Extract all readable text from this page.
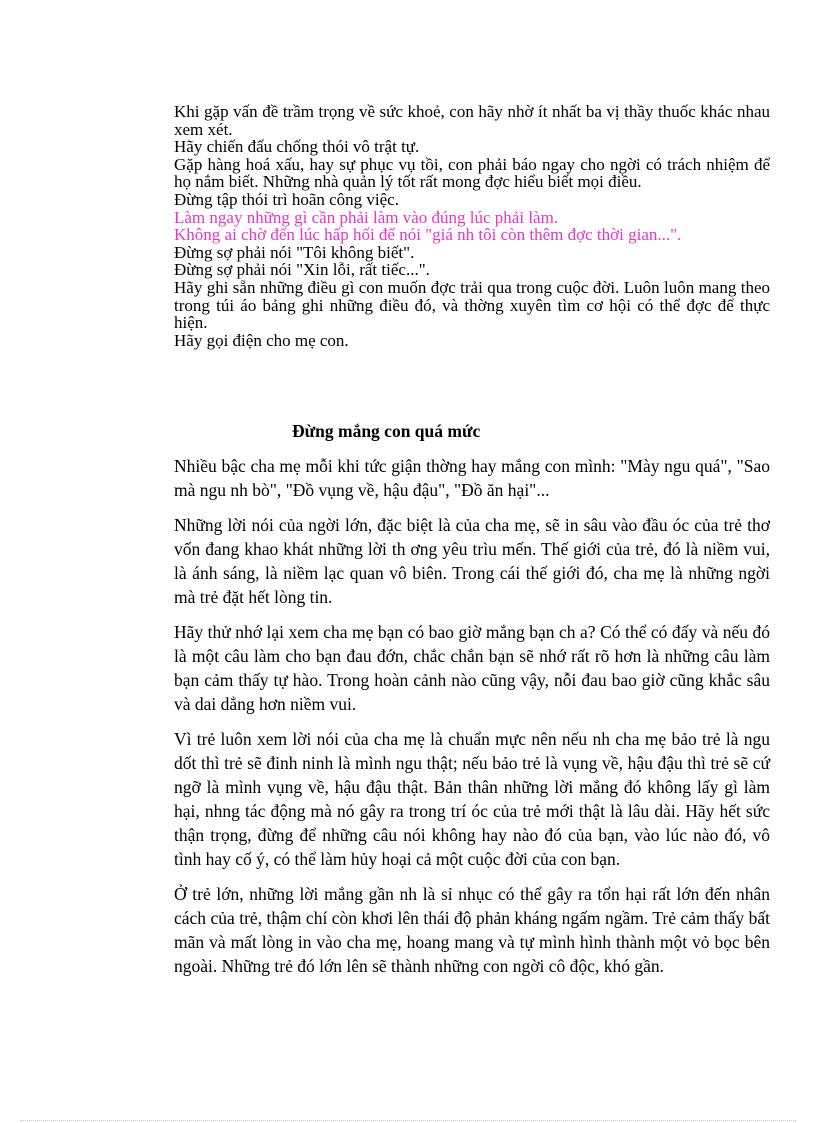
Khi gặp vấn đề trầm trọng về sức khoẻ, con hãy nhờ ít nhất ba vị thầy thuốc khác nhau xem xét.

Hãy chiến đấu chống thói vô trật tự.

Gặp hàng hoá xấu, hay sự phục vụ tồi, con phải báo ngay cho ngời có trách nhiệm để họ nắm biết. Những nhà quản lý tốt rất mong đợc hiểu biết mọi điều.

Đừng tập thói trì hoãn công việc.

Làm ngay những gì cần phải làm vào đúng lúc phải làm.

Không ai chờ đến lúc hấp hối để nói "giá nh tôi còn thêm đợc thời gian...".

Đừng sợ phải nói "Tôi không biết".

Đừng sợ phải nói "Xin lỗi, rất tiếc...".

Hãy ghi sẵn những điều gì con muốn đợc trải qua trong cuộc đời. Luôn luôn mang theo trong túi áo bảng ghi những điều đó, và thờng xuyên tìm cơ hội có thể đợc để thực hiện.

Hãy gọi điện cho mẹ con.

Đừng mắng con quá mức

Nhiều bậc cha mẹ mỗi khi tức giận thờng hay mắng con mình: "Mày ngu quá", "Sao mà ngu nh bò", "Đồ vụng về, hậu đậu", "Đồ ăn hại"...

Những lời nói của ngời lớn, đặc biệt là của cha mẹ, sẽ in sâu vào đầu óc của trẻ thơ vốn đang khao khát những lời th ơng yêu trìu mến. Thế giới của trẻ, đó là niềm vui, là ánh sáng, là niềm lạc quan vô biên. Trong cái thế giới đó, cha mẹ là những ngời mà trẻ đặt hết lòng tin.

Hãy thử nhớ lại xem cha mẹ bạn có bao giờ mắng bạn ch a? Có thể có đấy và nếu đó là một câu làm cho bạn đau đớn, chắc chắn bạn sẽ nhớ rất rõ hơn là những câu làm bạn cảm thấy tự hào. Trong hoàn cảnh nào cũng vậy, nỗi đau bao giờ cũng khắc sâu và dai dẳng hơn niềm vui.

Vì trẻ luôn xem lời nói của cha mẹ là chuẩn mực nên nếu nh cha mẹ bảo trẻ là ngu dốt thì trẻ sẽ đinh ninh là mình ngu thật; nếu bảo trẻ là vụng về, hậu đậu thì trẻ sẽ cứ ngỡ là mình vụng về, hậu đậu thật. Bản thân những lời mắng đó không lấy gì làm hại, nhng tác động mà nó gây ra trong trí óc của trẻ mới thật là lâu dài. Hãy hết sức thận trọng, đừng để những câu nói không hay nào đó của bạn, vào lúc nào đó, vô tình hay cố ý, có thể làm hủy hoại cả một cuộc đời của con bạn.

Ở trẻ lớn, những lời mắng gần nh là sỉ nhục có thể gây ra tổn hại rất lớn đến nhân cách của trẻ, thậm chí còn khơi lên thái độ phản kháng ngấm ngầm. Trẻ cảm thấy bất mãn và mất lòng in vào cha mẹ, hoang mang và tự mình hình thành một vỏ bọc bên ngoài. Những trẻ đó lớn lên sẽ thành những con ngời cô độc, khó gần.
